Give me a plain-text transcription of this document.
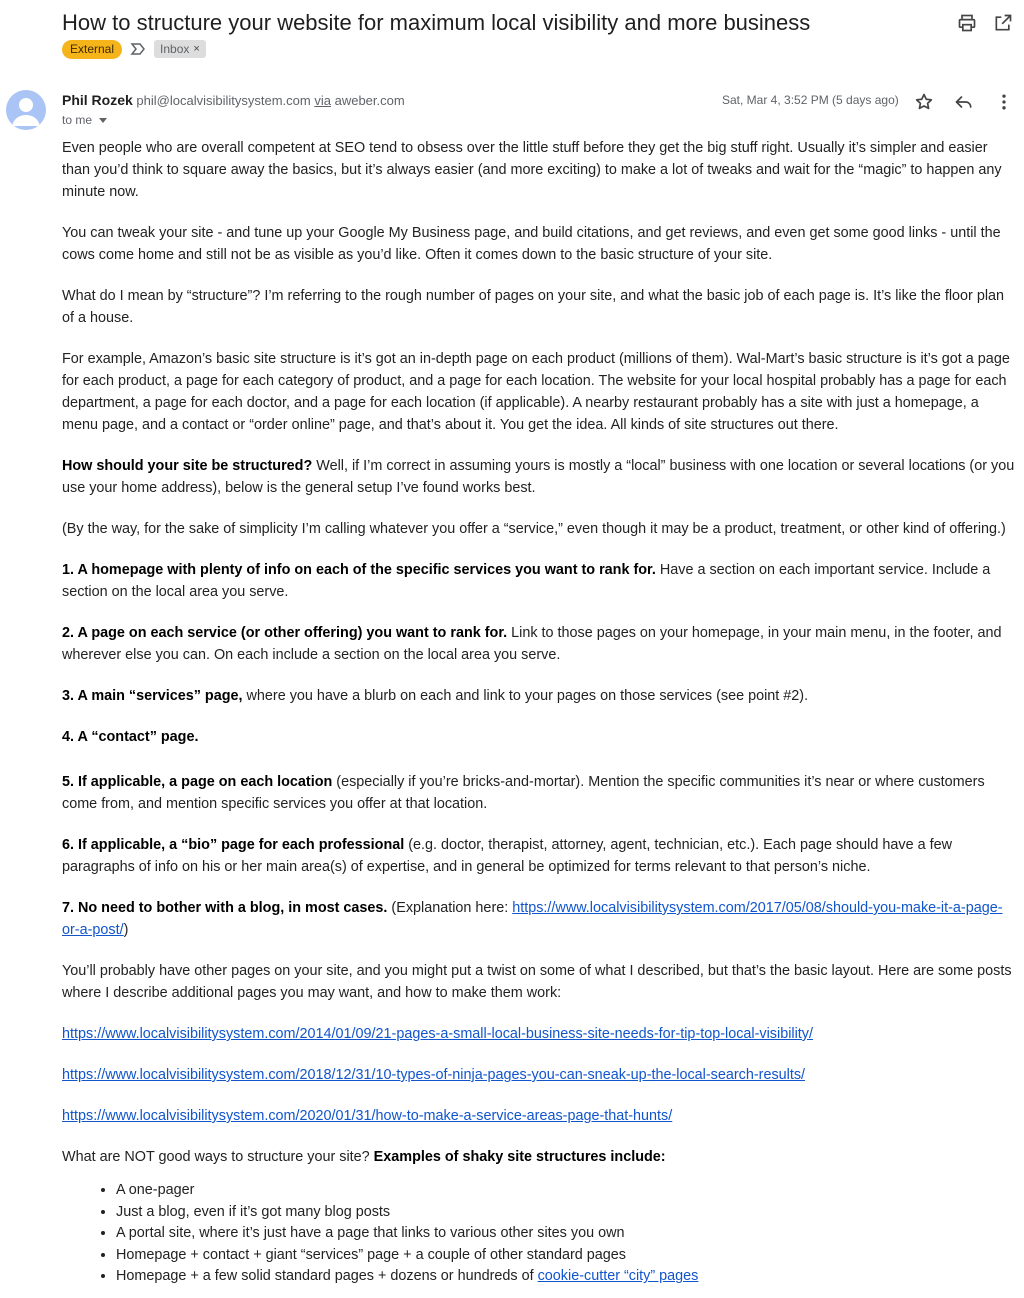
How to structure your website for maximum local visibility and more business
External	Inbox ×
Phil Rozek phil@localvisibilitysystem.com via aweber.com
to me
Sat, Mar 4, 3:52 PM (5 days ago)

Even people who are overall competent at SEO tend to obsess over the little stuff before they get the big stuff right. Usually it’s simpler and easier than you’d think to square away the basics, but it’s always easier (and more exciting) to make a lot of tweaks and wait for the “magic” to happen any minute now.

You can tweak your site - and tune up your Google My Business page, and build citations, and get reviews, and even get some good links - until the cows come home and still not be as visible as you’d like. Often it comes down to the basic structure of your site.

What do I mean by “structure”? I’m referring to the rough number of pages on your site, and what the basic job of each page is. It’s like the floor plan of a house.

For example, Amazon’s basic site structure is it’s got an in-depth page on each product (millions of them). Wal-Mart’s basic structure is it’s got a page for each product, a page for each category of product, and a page for each location. The website for your local hospital probably has a page for each department, a page for each doctor, and a page for each location (if applicable). A nearby restaurant probably has a site with just a homepage, a menu page, and a contact or “order online” page, and that’s about it. You get the idea. All kinds of site structures out there.

How should your site be structured? Well, if I’m correct in assuming yours is mostly a “local” business with one location or several locations (or you use your home address), below is the general setup I’ve found works best.

(By the way, for the sake of simplicity I’m calling whatever you offer a “service,” even though it may be a product, treatment, or other kind of offering.)

1. A homepage with plenty of info on each of the specific services you want to rank for. Have a section on each important service. Include a section on the local area you serve.

2. A page on each service (or other offering) you want to rank for. Link to those pages on your homepage, in your main menu, in the footer, and wherever else you can. On each include a section on the local area you serve.

3. A main “services” page, where you have a blurb on each and link to your pages on those services (see point #2).

4. A “contact” page.

5. If applicable, a page on each location (especially if you’re bricks-and-mortar). Mention the specific communities it’s near or where customers come from, and mention specific services you offer at that location.

6. If applicable, a “bio” page for each professional (e.g. doctor, therapist, attorney, agent, technician, etc.). Each page should have a few paragraphs of info on his or her main area(s) of expertise, and in general be optimized for terms relevant to that person’s niche.

7. No need to bother with a blog, in most cases. (Explanation here: https://www.localvisibilitysystem.com/2017/05/08/should-you-make-it-a-page-or-a-post/)

You’ll probably have other pages on your site, and you might put a twist on some of what I described, but that’s the basic layout. Here are some posts where I describe additional pages you may want, and how to make them work:

https://www.localvisibilitysystem.com/2014/01/09/21-pages-a-small-local-business-site-needs-for-tip-top-local-visibility/

https://www.localvisibilitysystem.com/2018/12/31/10-types-of-ninja-pages-you-can-sneak-up-the-local-search-results/

https://www.localvisibilitysystem.com/2020/01/31/how-to-make-a-service-areas-page-that-hunts/

What are NOT good ways to structure your site? Examples of shaky site structures include:

• A one-pager
• Just a blog, even if it’s got many blog posts
• A portal site, where it’s just have a page that links to various other sites you own
• Homepage + contact + giant “services” page + a couple of other standard pages
• Homepage + a few solid standard pages + dozens or hundreds of cookie-cutter “city” pages
